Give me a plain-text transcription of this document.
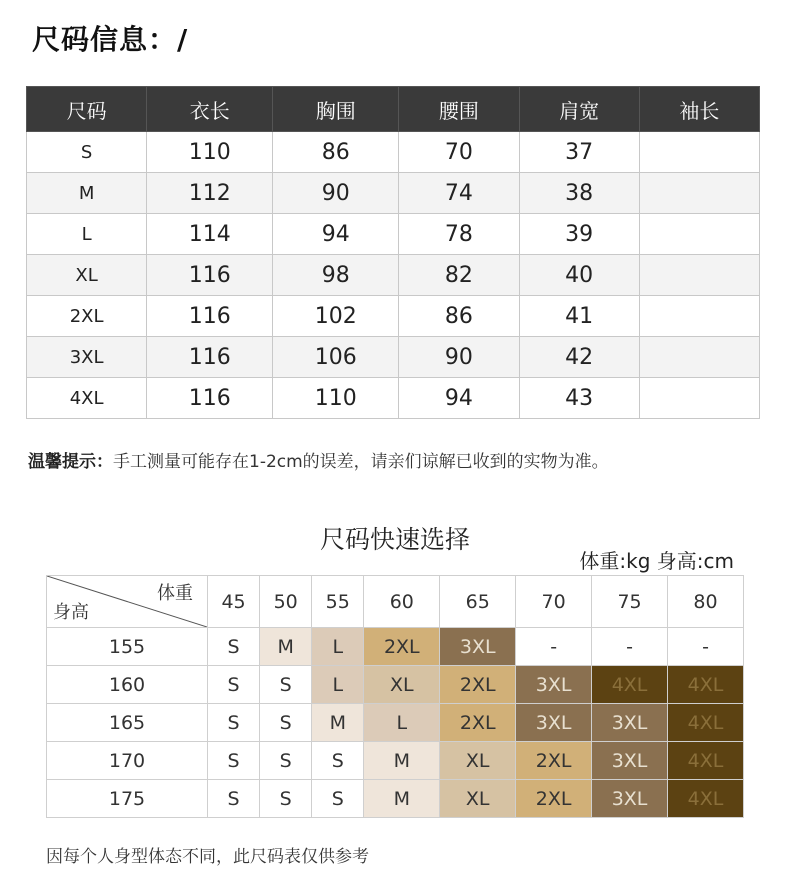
尺码信息：/
尺码	衣长	胸围	腰围	肩宽	袖长
S	110	86	70	37	
M	112	90	74	38	
L	114	94	78	39	
XL	116	98	82	40	
2XL	116	102	86	41	
3XL	116	106	90	42	
4XL	116	110	94	43	
温馨提示：手工测量可能存在1-2cm的误差，请亲们谅解已收到的实物为准。
尺码快速选择
体重:kg 身高:cm
体重
身高	45	50	55	60	65	70	75	80
155	S	M	L	2XL	3XL	-	-	-
160	S	S	L	XL	2XL	3XL	4XL	4XL
165	S	S	M	L	2XL	3XL	3XL	4XL
170	S	S	S	M	XL	2XL	3XL	4XL
175	S	S	S	M	XL	2XL	3XL	4XL
因每个人身型体态不同，此尺码表仅供参考
